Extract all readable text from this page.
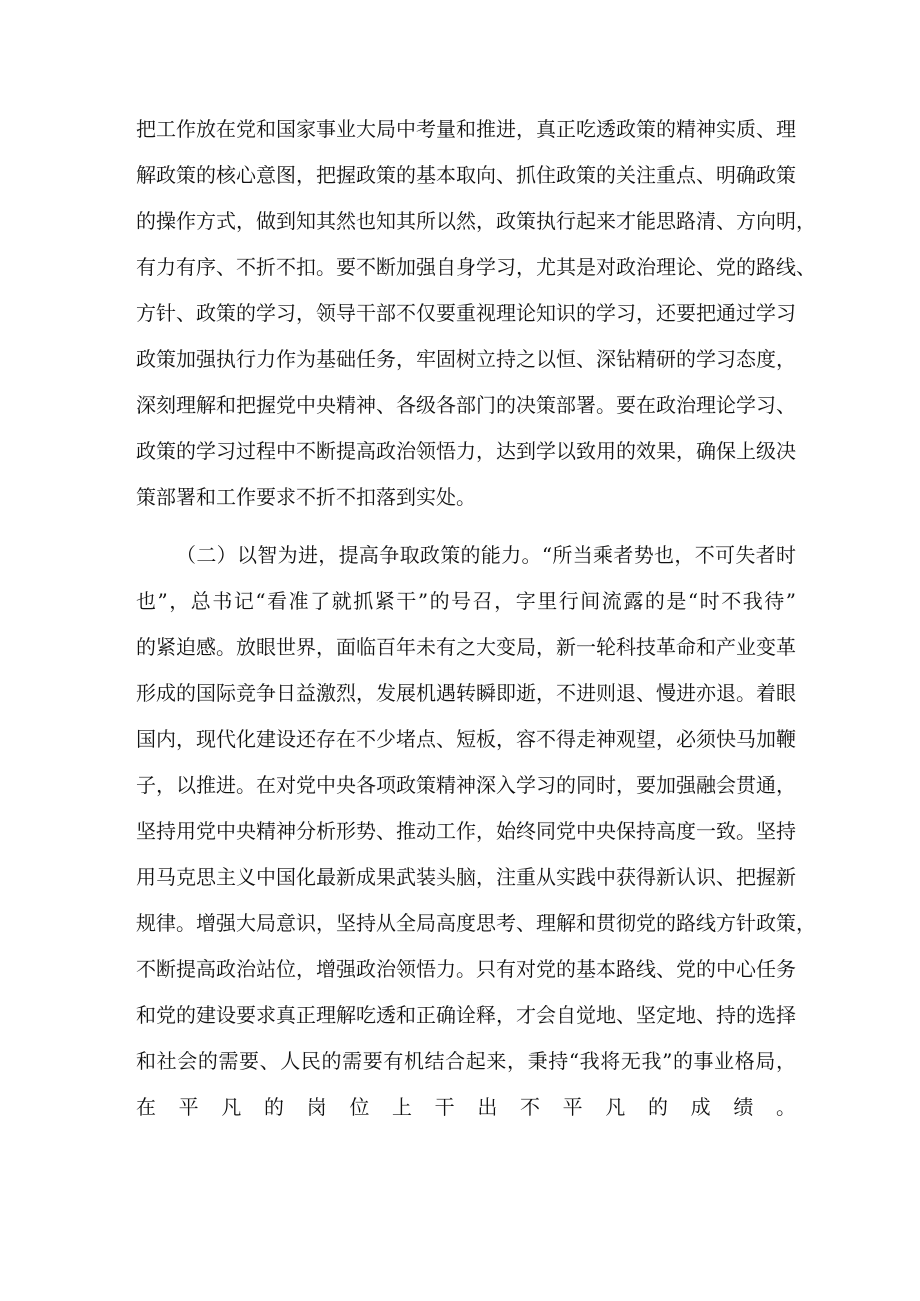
把工作放在党和国家事业大局中考量和推进，真正吃透政策的精神实质、理
解政策的核心意图，把握政策的基本取向、抓住政策的关注重点、明确政策
的操作方式，做到知其然也知其所以然，政策执行起来才能思路清、方向明，
有力有序、不折不扣。要不断加强自身学习，尤其是对政治理论、党的路线、
方针、政策的学习，领导干部不仅要重视理论知识的学习，还要把通过学习
政策加强执行力作为基础任务，牢固树立持之以恒、深钻精研的学习态度，
深刻理解和把握党中央精神、各级各部门的决策部署。要在政治理论学习、
政策的学习过程中不断提高政治领悟力，达到学以致用的效果，确保上级决
策部署和工作要求不折不扣落到实处。
（二）以智为进，提高争取政策的能力。“所当乘者势也，不可失者时
也”，总书记“看准了就抓紧干”的号召，字里行间流露的是“时不我待”
的紧迫感。放眼世界，面临百年未有之大变局，新一轮科技革命和产业变革
形成的国际竞争日益激烈，发展机遇转瞬即逝，不进则退、慢进亦退。着眼
国内，现代化建设还存在不少堵点、短板，容不得走神观望，必须快马加鞭
子，以推进。在对党中央各项政策精神深入学习的同时，要加强融会贯通，
坚持用党中央精神分析形势、推动工作，始终同党中央保持高度一致。坚持
用马克思主义中国化最新成果武装头脑，注重从实践中获得新认识、把握新
规律。增强大局意识，坚持从全局高度思考、理解和贯彻党的路线方针政策，
不断提高政治站位，增强政治领悟力。只有对党的基本路线、党的中心任务
和党的建设要求真正理解吃透和正确诠释，才会自觉地、坚定地、持的选择
和社会的需要、人民的需要有机结合起来，秉持“我将无我”的事业格局，
在平凡的岗位上干出不平凡的成绩。
